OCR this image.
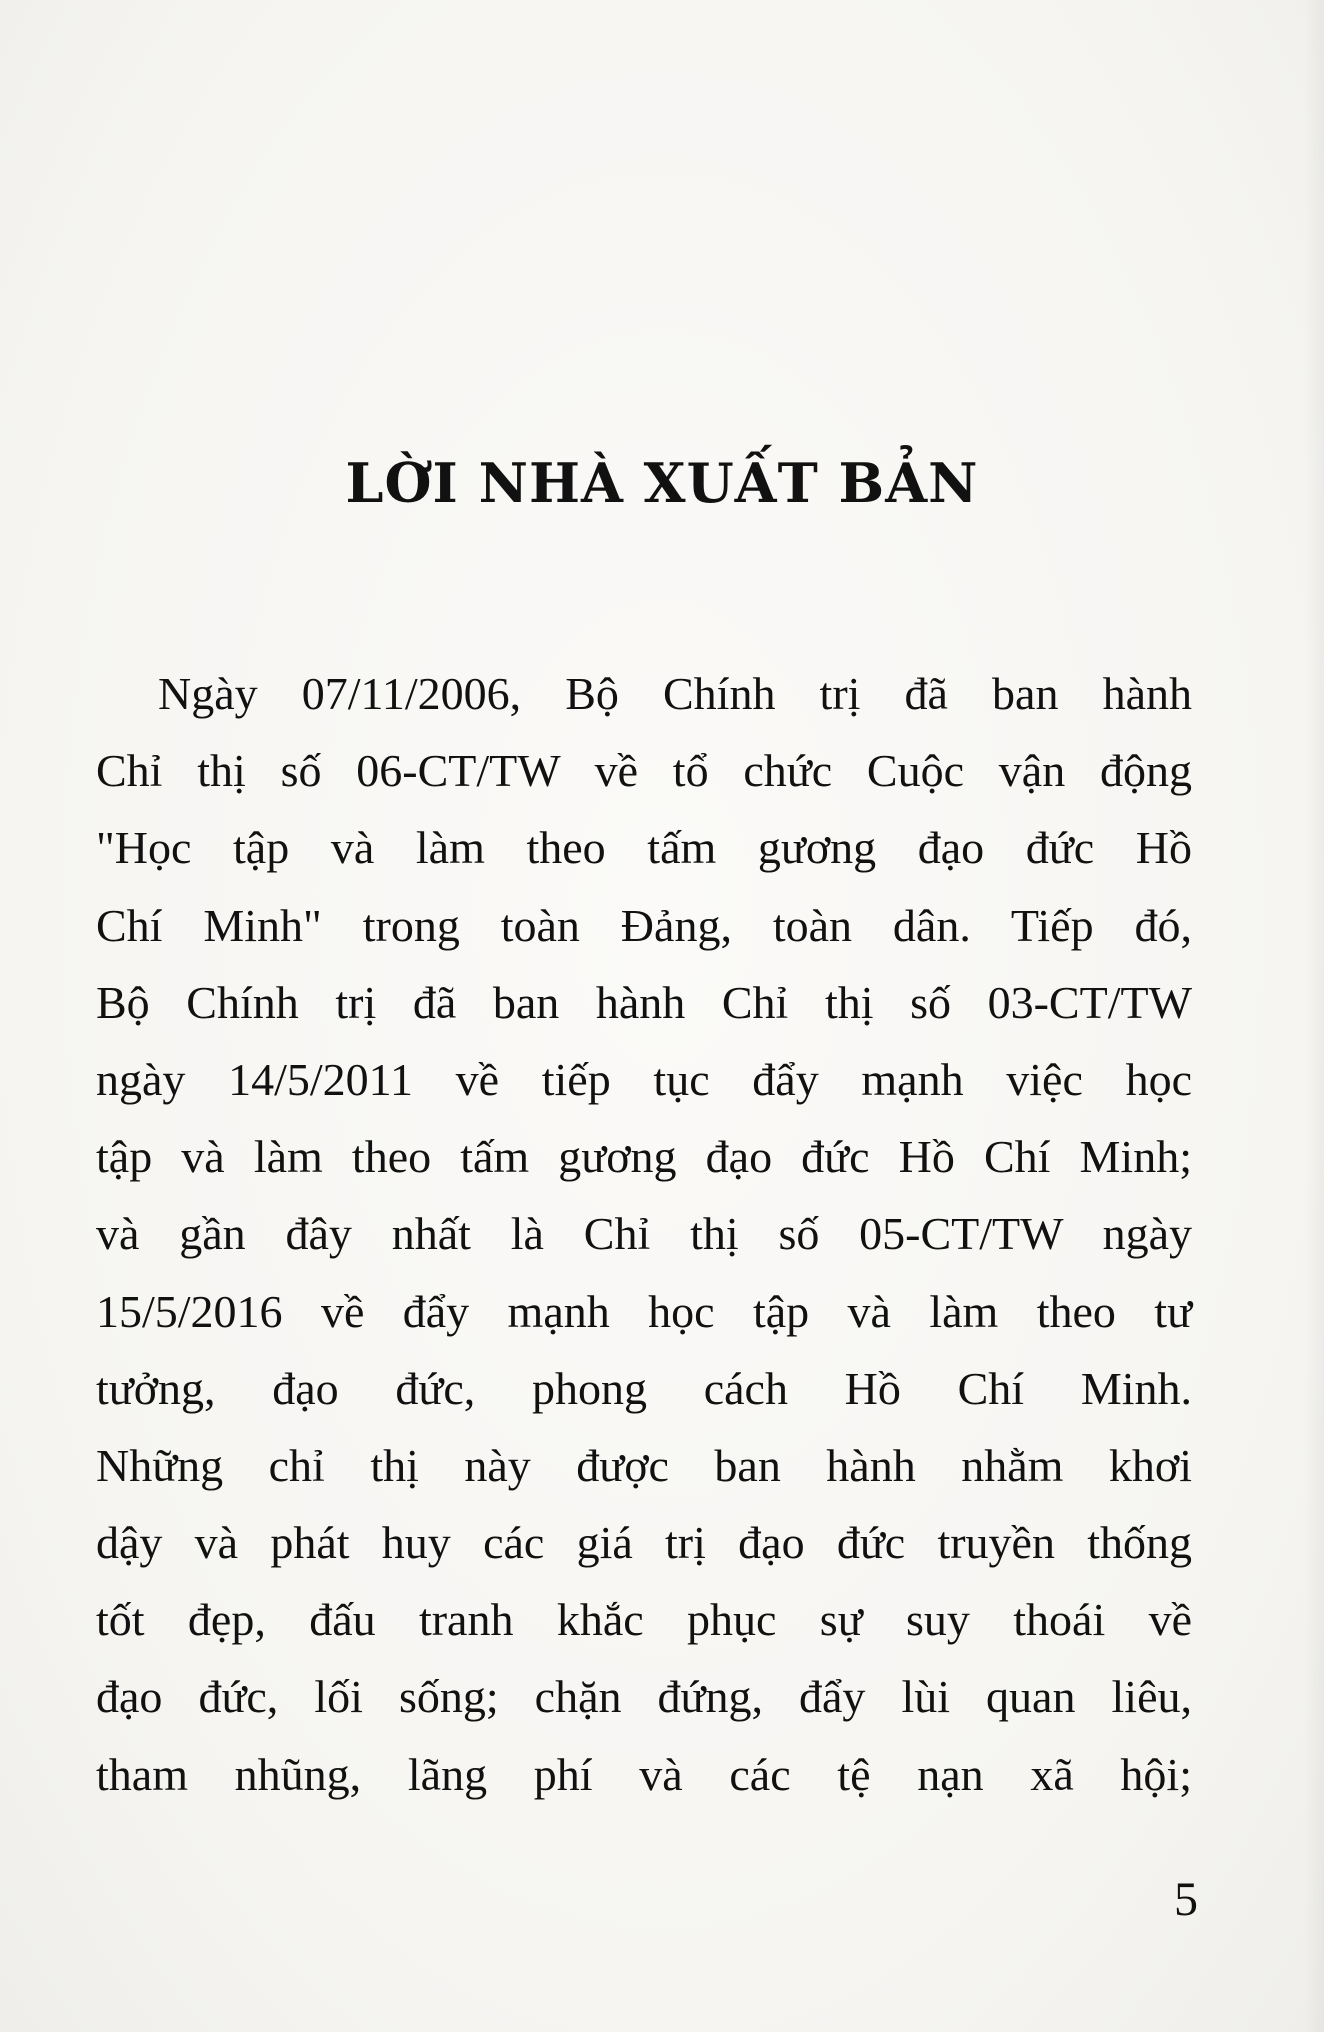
LỜI NHÀ XUẤT BẢN
Ngày 07/11/2006, Bộ Chính trị đã ban hành
Chỉ thị số 06-CT/TW về tổ chức Cuộc vận động
"Học tập và làm theo tấm gương đạo đức Hồ
Chí Minh" trong toàn Đảng, toàn dân. Tiếp đó,
Bộ Chính trị đã ban hành Chỉ thị số 03-CT/TW
ngày 14/5/2011 về tiếp tục đẩy mạnh việc học
tập và làm theo tấm gương đạo đức Hồ Chí Minh;
và gần đây nhất là Chỉ thị số 05-CT/TW ngày
15/5/2016 về đẩy mạnh học tập và làm theo tư
tưởng, đạo đức, phong cách Hồ Chí Minh.
Những chỉ thị này được ban hành nhằm khơi
dậy và phát huy các giá trị đạo đức truyền thống
tốt đẹp, đấu tranh khắc phục sự suy thoái về
đạo đức, lối sống; chặn đứng, đẩy lùi quan liêu,
tham nhũng, lãng phí và các tệ nạn xã hội;
5
